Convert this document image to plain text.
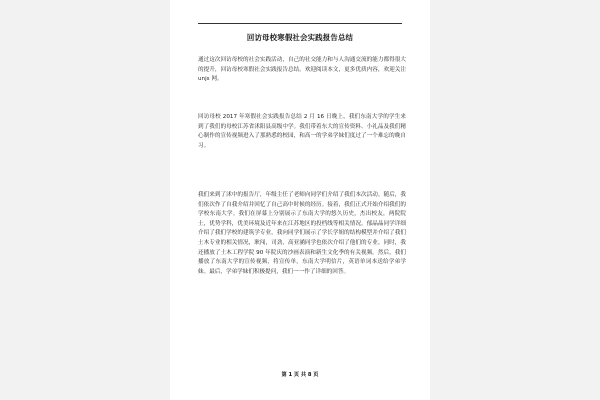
回访母校寒假社会实践报告总结

通过这次回访母校的社会实践活动，自己的社交能力和与人沟通交流的能力都得很大的提升，回访母校寒假社会实践报告总结。欢迎阅读本文，更多优质内容，欢迎关注 unjs 网。

回访母校 2017 年寒假社会实践报告总结 2 月 16 日晚上，我们东南大学的学生来到了我们的母校江苏省沭阳县高级中学。我们带着东大的宣传资料、小礼品及我们精心制作的宣传视频进入了那熟悉的校园，和高一的学弟学妹们度过了一个难忘的晚自习。

我们来到了沭中的报告厅，年级主任了老师向同学们介绍了我们本次活动。随后，我们依次作了自我介绍并回忆了自己高中时候的经历。接着，我们正式开始介绍我们的学校东南大学。我们在屏幕上分别展示了东南大学的悠久历史，杰出校友，两院院士，优势学科，优美环境及近年来在江苏地区的投档线等相关情况。郁晶晶同学详细介绍了我们学校的建筑学专业，我向同学们展示了学长学姐的结构模型并介绍了我们土木专业的相关情况，耿闯，司劲，高亚涵同学也依次介绍了他们的专业。同时，我还播放了土木工程学院 90 年院庆的沙画表演和新生文化季的有关视频。然后，我们播放了东南大学的宣传视频，将宣传单，东南大学明信片，英语单词本送给学弟学妹。最后，学弟学妹们积极提问，我们一一作了详细的回答。

第 1 页 共 8 页
